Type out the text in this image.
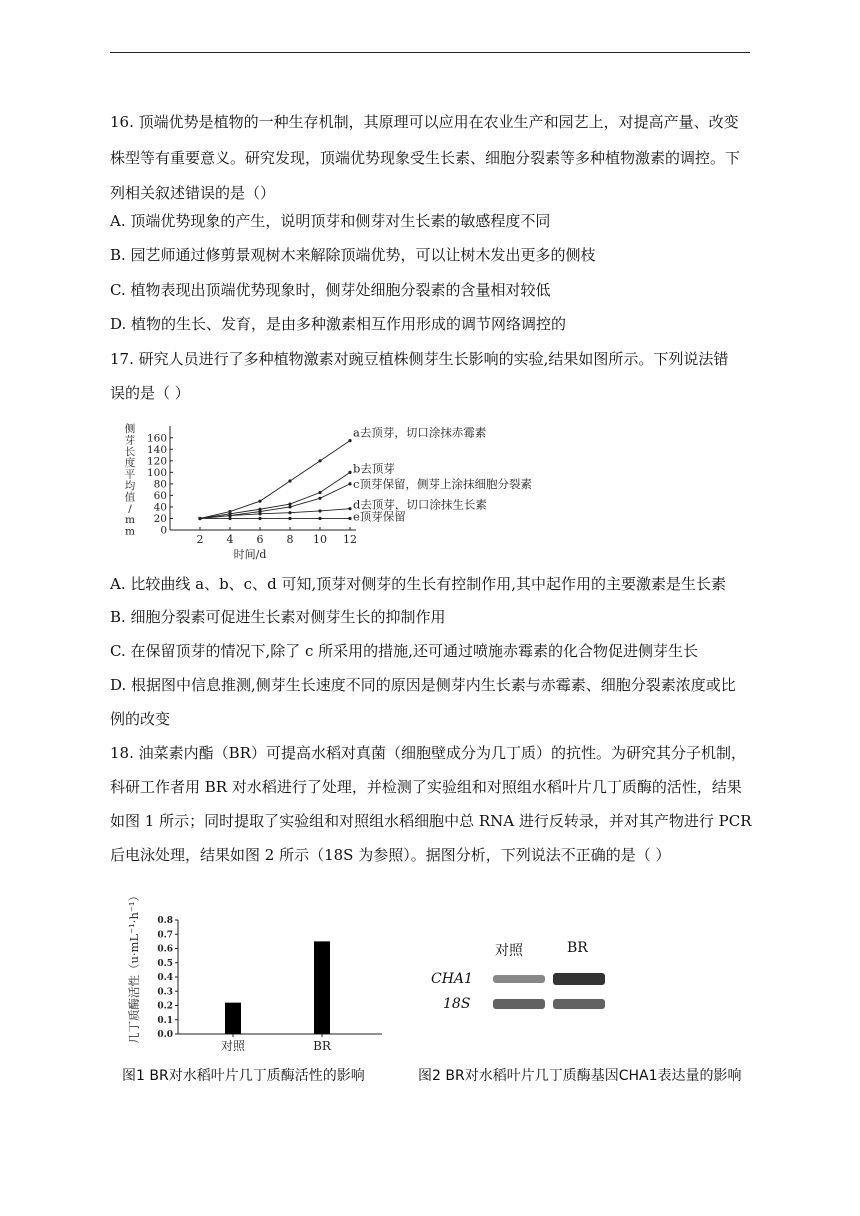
16. 顶端优势是植物的一种生存机制，其原理可以应用在农业生产和园艺上，对提高产量、改变
株型等有重要意义。研究发现，顶端优势现象受生长素、细胞分裂素等多种植物激素的调控。下
列相关叙述错误的是（）
A. 顶端优势现象的产生，说明顶芽和侧芽对生长素的敏感程度不同
B. 园艺师通过修剪景观树木来解除顶端优势，可以让树木发出更多的侧枝
C. 植物表现出顶端优势现象时，侧芽处细胞分裂素的含量相对较低
D. 植物的生长、发育，是由多种激素相互作用形成的调节网络调控的
17. 研究人员进行了多种植物激素对豌豆植株侧芽生长影响的实验,结果如图所示。下列说法错
误的是（ ）
0
20
40
60
80
100
120
140
160
2 4 6 8 10 12
时间/d
侧
芽
长
度
平
均
值
/
m
m
a去顶芽，切口涂抹赤霉素
b去顶芽
c顶芽保留，侧芽上涂抹细胞分裂素
d去顶芽，切口涂抹生长素
e顶芽保留
A. 比较曲线 a、b、c、d 可知,顶芽对侧芽的生长有控制作用,其中起作用的主要激素是生长素
B. 细胞分裂素可促进生长素对侧芽生长的抑制作用
C. 在保留顶芽的情况下,除了 c 所采用的措施,还可通过喷施赤霉素的化合物促进侧芽生长
D. 根据图中信息推测,侧芽生长速度不同的原因是侧芽内生长素与赤霉素、细胞分裂素浓度或比
例的改变
18. 油菜素内酯（BR）可提高水稻对真菌（细胞壁成分为几丁质）的抗性。为研究其分子机制，
科研工作者用 BR 对水稻进行了处理，并检测了实验组和对照组水稻叶片几丁质酶的活性，结果
如图 1 所示；同时提取了实验组和对照组水稻细胞中总 RNA 进行反转录，并对其产物进行 PCR
后电泳处理，结果如图 2 所示（18S 为参照）。据图分析，下列说法不正确的是（ ）
0.0
0.1
0.2
0.3
0.4
0.5
0.6
0.7
0.8
对照	BR
几丁质酶活性（u·mL⁻¹·h⁻¹）
图1 BR对水稻叶片几丁质酶活性的影响
对照	BR
CHA1
18S
图2 BR对水稻叶片几丁质酶基因CHA1表达量的影响
